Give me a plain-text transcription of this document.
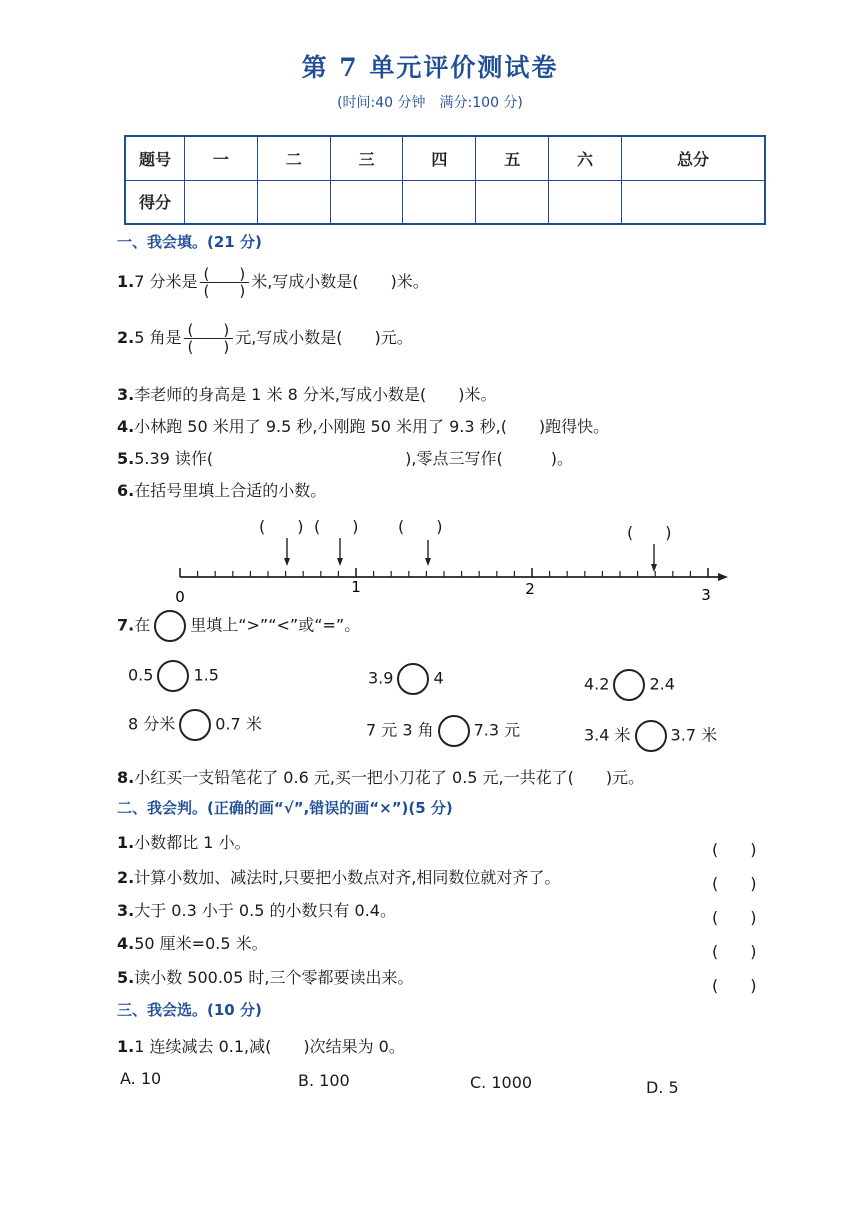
第 7 单元评价测试卷
(时间:40 分钟　满分:100 分)
题号	一	二	三	四	五	六	总分
得分							
一、我会填。(21 分)
1.7 分米是 $\frac{( )}{( )}$ 米,写成小数是(　　)米。
2.5 角是 $\frac{( )}{( )}$ 元,写成小数是(　　)元。
3.李老师的身高是 1 米 8 分米,写成小数是(　　)米。
4.小林跑 50 米用了 9.5 秒,小刚跑 50 米用了 9.3 秒,(　　)跑得快。
5.5.39 读作(　　　　　　　　　　　　),零点三写作(　　　)。
6.在括号里填上合适的小数。
(　　) (　　) (　　)	(　　)
0
1	2	3
7.在	里填上“>”“<”或“=”。
0.5	1.5	3.9	4	4.2	2.4
8 分米	0.7 米	7 元 3 角	7.3 元	3.4 米	3.7 米
8.小红买一支铅笔花了 0.6 元,买一把小刀花了 0.5 元,一共花了(　　)元。
二、我会判。(正确的画“√”,错误的画“×”)(5 分)
1.小数都比 1 小。	(　　)
2.计算小数加、减法时,只要把小数点对齐,相同数位就对齐了。	(　　)
3.大于 0.3 小于 0.5 的小数只有 0.4。	(　　)
4.50 厘米=0.5 米。	(　　)
5.读小数 500.05 时,三个零都要读出来。	(　　)
三、我会选。(10 分)
1.1 连续减去 0.1,减(　　)次结果为 0。
A. 10	B. 100	C. 1000	D. 5
